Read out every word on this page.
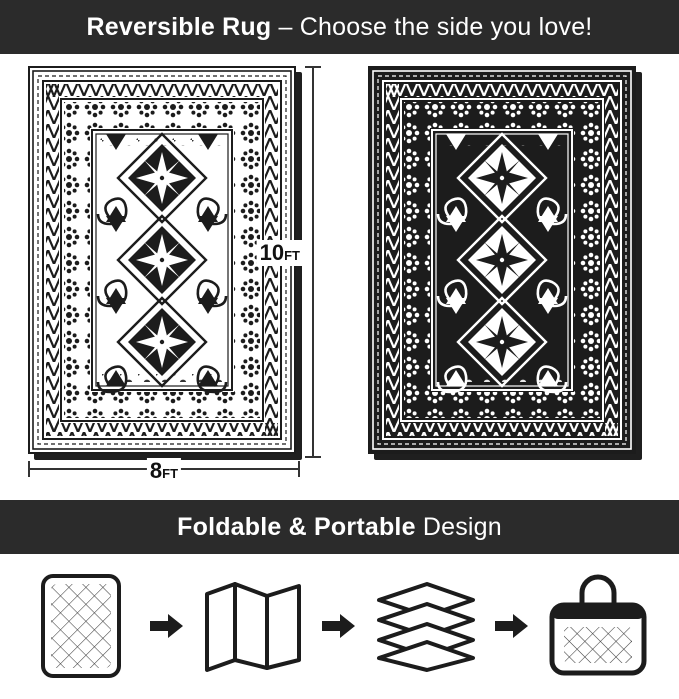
Reversible Rug – Choose the side you love!
10FT
8FT
Foldable & Portable Design
